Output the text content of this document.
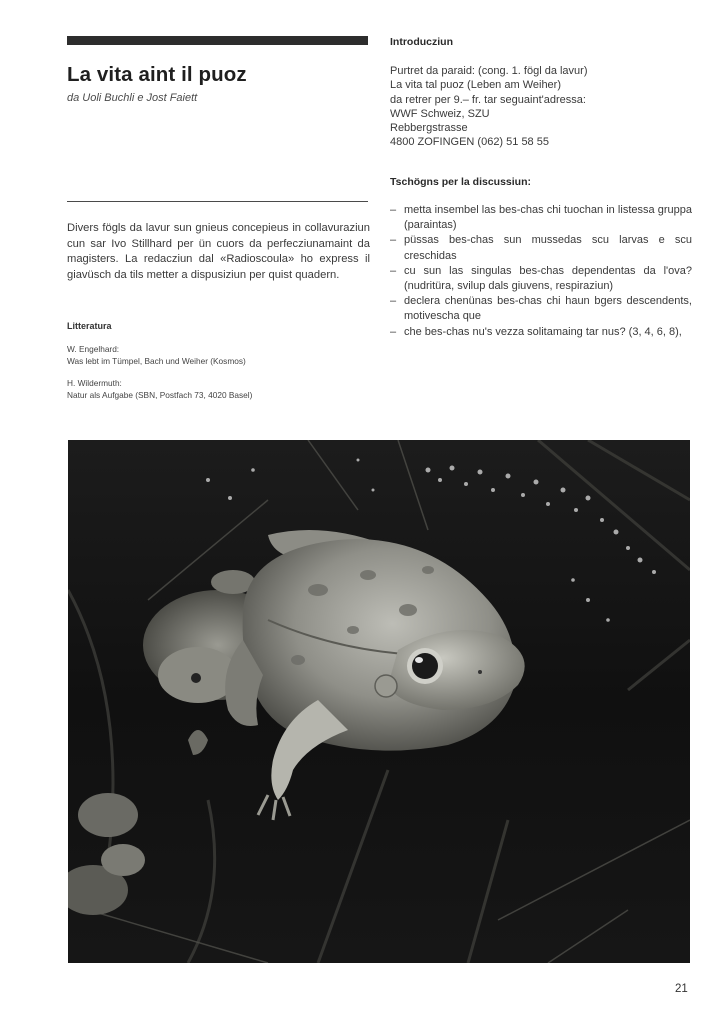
La vita aint il puoz
da Uoli Buchli e Jost Faiett

Divers fögls da lavur sun gnieus concepieus in collavuraziun cun sar Ivo Stillhard per ün cuors da perfecziunamaint da magisters. La redacziun dal «Radioscoula» ho express il giavüsch da tils metter a dispusiziun per quist quadern.

Litteratura
W. Engelhard:
Was lebt im Tümpel, Bach und Weiher (Kosmos)
H. Wildermuth:
Natur als Aufgabe (SBN, Postfach 73, 4020 Basel)
Introducziun
Purtret da paraid: (cong. 1. fögl da lavur)
La vita tal puoz (Leben am Weiher)
da retrer per 9.– fr. tar seguaint'adressa:
WWF Schweiz, SZU
Rebbergstrasse
4800 ZOFINGEN (062) 51 58 55
Tschögns per la discussiun:
– metta insembel las bes-chas chi tuochan in listessa gruppa (paraintas)
– püssas bes-chas sun mussedas scu larvas e scu creschidas
– cu sun las singulas bes-chas dependentas da l'ova? (nudritüra, svilup dals giuvens, respiraziun)
– declera chenünas bes-chas chi haun bgers descendents, motivescha que
– che bes-chas nu's vezza solitamaing tar nus? (3, 4, 6, 8),
21
